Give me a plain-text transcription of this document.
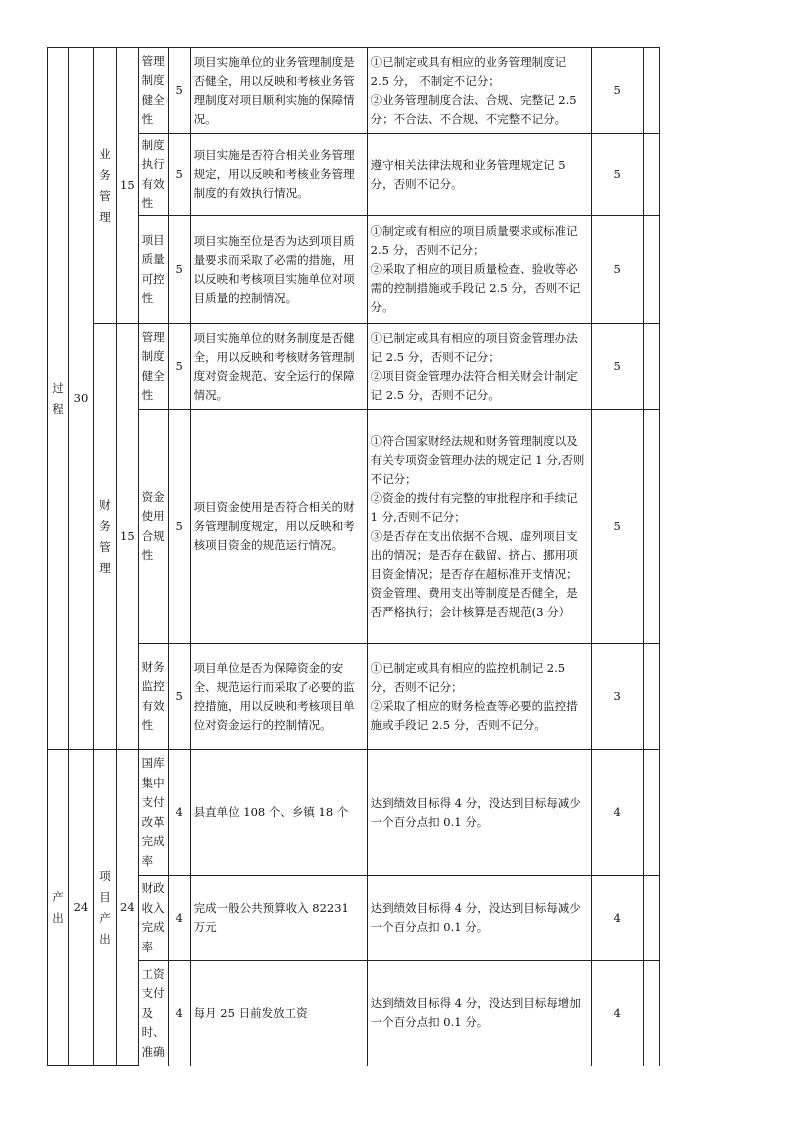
过程	30	业务管理	15	管理制度健全性	5	项目实施单位的业务管理制度是否健全，用以反映和考核业务管理制度对项目顺利实施的保障情况。	①已制定或具有相应的业务管理制度记 2.5 分， 不制定不记分；
②业务管理制度合法、合规、完整记 2.5 分；不合法、不合规、不完整不记分。	5	

				制度执行有效性	5	项目实施是否符合相关业务管理规定，用以反映和考核业务管理制度的有效执行情况。	遵守相关法律法规和业务管理规定记 5 分，否则不记分。	5	

				项目质量可控性	5	项目实施至位是否为达到项目质量要求而采取了必需的措施，用以反映和考核项目实施单位对项目质量的控制情况。	①制定或有相应的项目质量要求或标准记 2.5 分，否则不记分；
②采取了相应的项目质量检查、验收等必需的控制措施或手段记 2.5 分，否则不记分。	5	
		财务管理	15	管理制度健全性	5	项目实施单位的财务制度是否健全，用以反映和考核财务管理制度对资金规范、安全运行的保障情况。	①已制定或具有相应的项目资金管理办法记 2.5 分，否则不记分；
②项目资金管理办法符合相关财会计制定记 2.5 分，否则不记分。	5	

				资金使用合规性	5	项目资金使用是否符合相关的财务管理制度规定，用以反映和考核项目资金的规范运行情况。	①符合国家财经法规和财务管理制度以及有关专项资金管理办法的规定记 1 分,否则不记分；
②资金的拨付有完整的审批程序和手续记 1 分,否则不记分；
③是否存在支出依据不合规、虚列项目支出的情况；是否存在截留、挤占、挪用项目资金情况；是否存在超标准开支情况；资金管理、费用支出等制度是否健全，是否严格执行；会计核算是否规范(3 分）	5	

				财务监控有效性	5	项目单位是否为保障资金的安全、规范运行而采取了必要的监控措施，用以反映和考核项目单位对资金运行的控制情况。	①已制定或具有相应的监控机制记 2.5 分，否则不记分；
②采取了相应的财务检查等必要的监控措施或手段记 2.5 分，否则不记分。	3	
产出	24	项目产出	24	国库集中支付改革完成率	4	县直单位 108 个、乡镇 18 个	达到绩效目标得 4 分，没达到目标每减少一个百分点扣 0.1 分。	4	

				财政收入完成率	4	完成一般公共预算收入 82231 万元	达到绩效目标得 4 分，没达到目标每减少一个百分点扣 0.1 分。	4	

				工资支付及时、准确	4	每月 25 日前发放工资	达到绩效目标得 4 分，没达到目标每增加一个百分点扣 0.1 分。	4	
